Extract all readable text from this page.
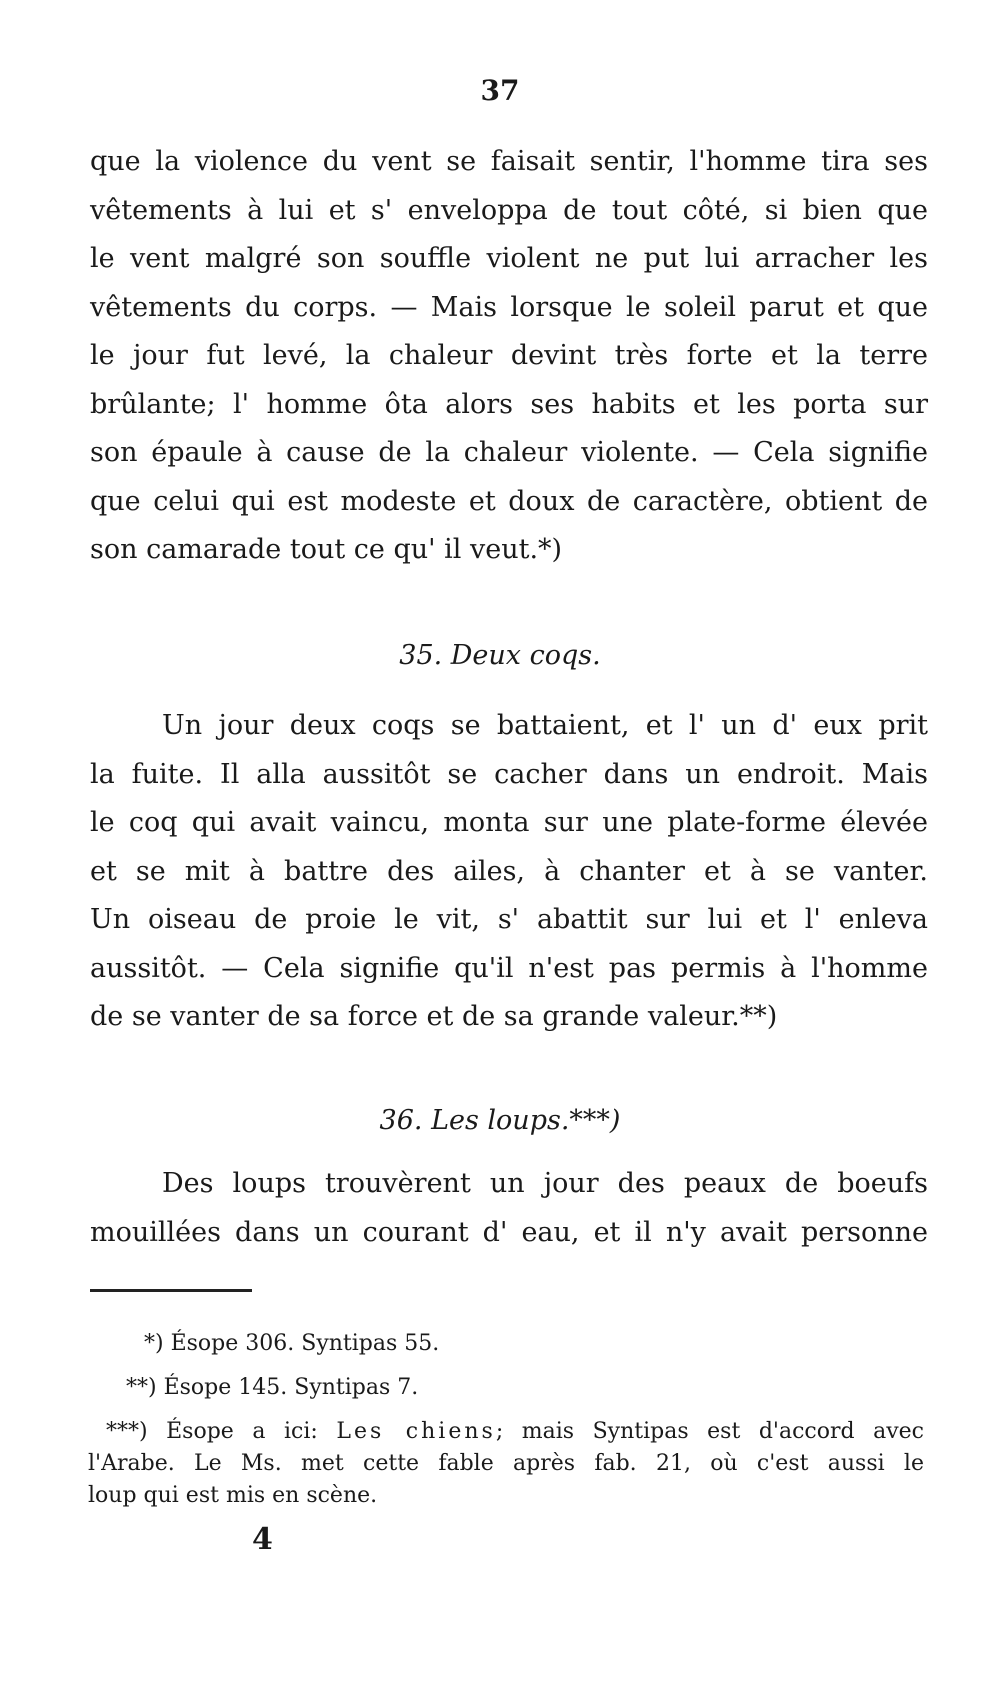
37
que la violence du vent se faisait sentir, l'homme tira ses
vêtements à lui et s' enveloppa de tout côté, si bien que
le vent malgré son souffle violent ne put lui arracher les
vêtements du corps. — Mais lorsque le soleil parut et que
le jour fut levé, la chaleur devint très forte et la terre
brûlante; l' homme ôta alors ses habits et les porta sur
son épaule à cause de la chaleur violente. — Cela signifie
que celui qui est modeste et doux de caractère, obtient de
son camarade tout ce qu' il veut.*)
35. Deux coqs.
Un jour deux coqs se battaient, et l' un d' eux prit
la fuite. Il alla aussitôt se cacher dans un endroit. Mais
le coq qui avait vaincu, monta sur une plate-forme élevée
et se mit à battre des ailes, à chanter et à se vanter.
Un oiseau de proie le vit, s' abattit sur lui et l' enleva
aussitôt. — Cela signifie qu'il n'est pas permis à l'homme
de se vanter de sa force et de sa grande valeur.**)
36. Les loups.***)
Des loups trouvèrent un jour des peaux de boeufs
mouillées dans un courant d' eau, et il n'y avait personne
*) Ésope 306. Syntipas 55.
**) Ésope 145. Syntipas 7.
***) Ésope a ici: Les chiens; mais Syntipas est d'accord avec
l'Arabe. Le Ms. met cette fable après fab. 21, où c'est aussi le
loup qui est mis en scène.
4
